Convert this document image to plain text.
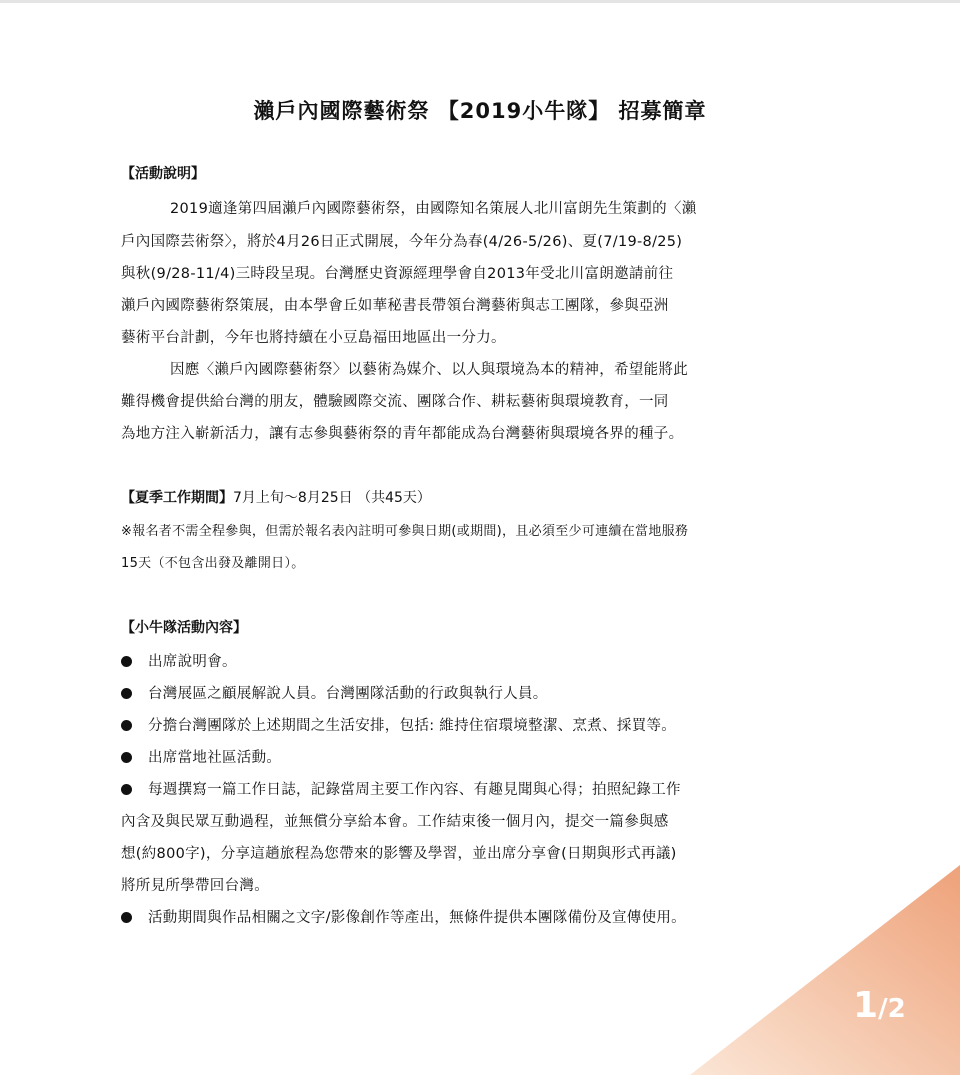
瀨戶內國際藝術祭 【2019小牛隊】 招募簡章
【活動說明】
2019適逢第四屆瀨戶內國際藝術祭，由國際知名策展人北川富朗先生策劃的〈瀨
戶內国際芸術祭〉，將於4月26日正式開展，今年分為春(4/26-5/26)、夏(7/19-8/25)
與秋(9/28-11/4)三時段呈現。台灣歷史資源經理學會自2013年受北川富朗邀請前往
瀨戶內國際藝術祭策展，由本學會丘如華秘書長帶領台灣藝術與志工團隊，參與亞洲
藝術平台計劃，今年也將持續在小豆島福田地區出一分力。
因應〈瀨戶內國際藝術祭〉以藝術為媒介、以人與環境為本的精神，希望能將此
難得機會提供給台灣的朋友，體驗國際交流、團隊合作、耕耘藝術與環境教育，一同
為地方注入嶄新活力，讓有志參與藝術祭的青年都能成為台灣藝術與環境各界的種子。
【夏季工作期間】7月上旬～8月25日 （共45天）
※報名者不需全程參與，但需於報名表內註明可參與日期(或期間)，且必須至少可連續在當地服務
15天（不包含出發及離開日）。
【小牛隊活動內容】
出席說明會。
台灣展區之顧展解說人員。台灣團隊活動的行政與執行人員。
分擔台灣團隊於上述期間之生活安排，包括: 維持住宿環境整潔、烹煮、採買等。
出席當地社區活動。
每週撰寫一篇工作日誌，記錄當周主要工作內容、有趣見聞與心得；拍照紀錄工作
內含及與民眾互動過程，並無償分享給本會。工作結束後一個月內，提交一篇參與感
想(約800字)，分享這趟旅程為您帶來的影響及學習，並出席分享會(日期與形式再議)
將所見所學帶回台灣。
活動期間與作品相關之文字/影像創作等產出，無條件提供本團隊備份及宣傳使用。
1/2
